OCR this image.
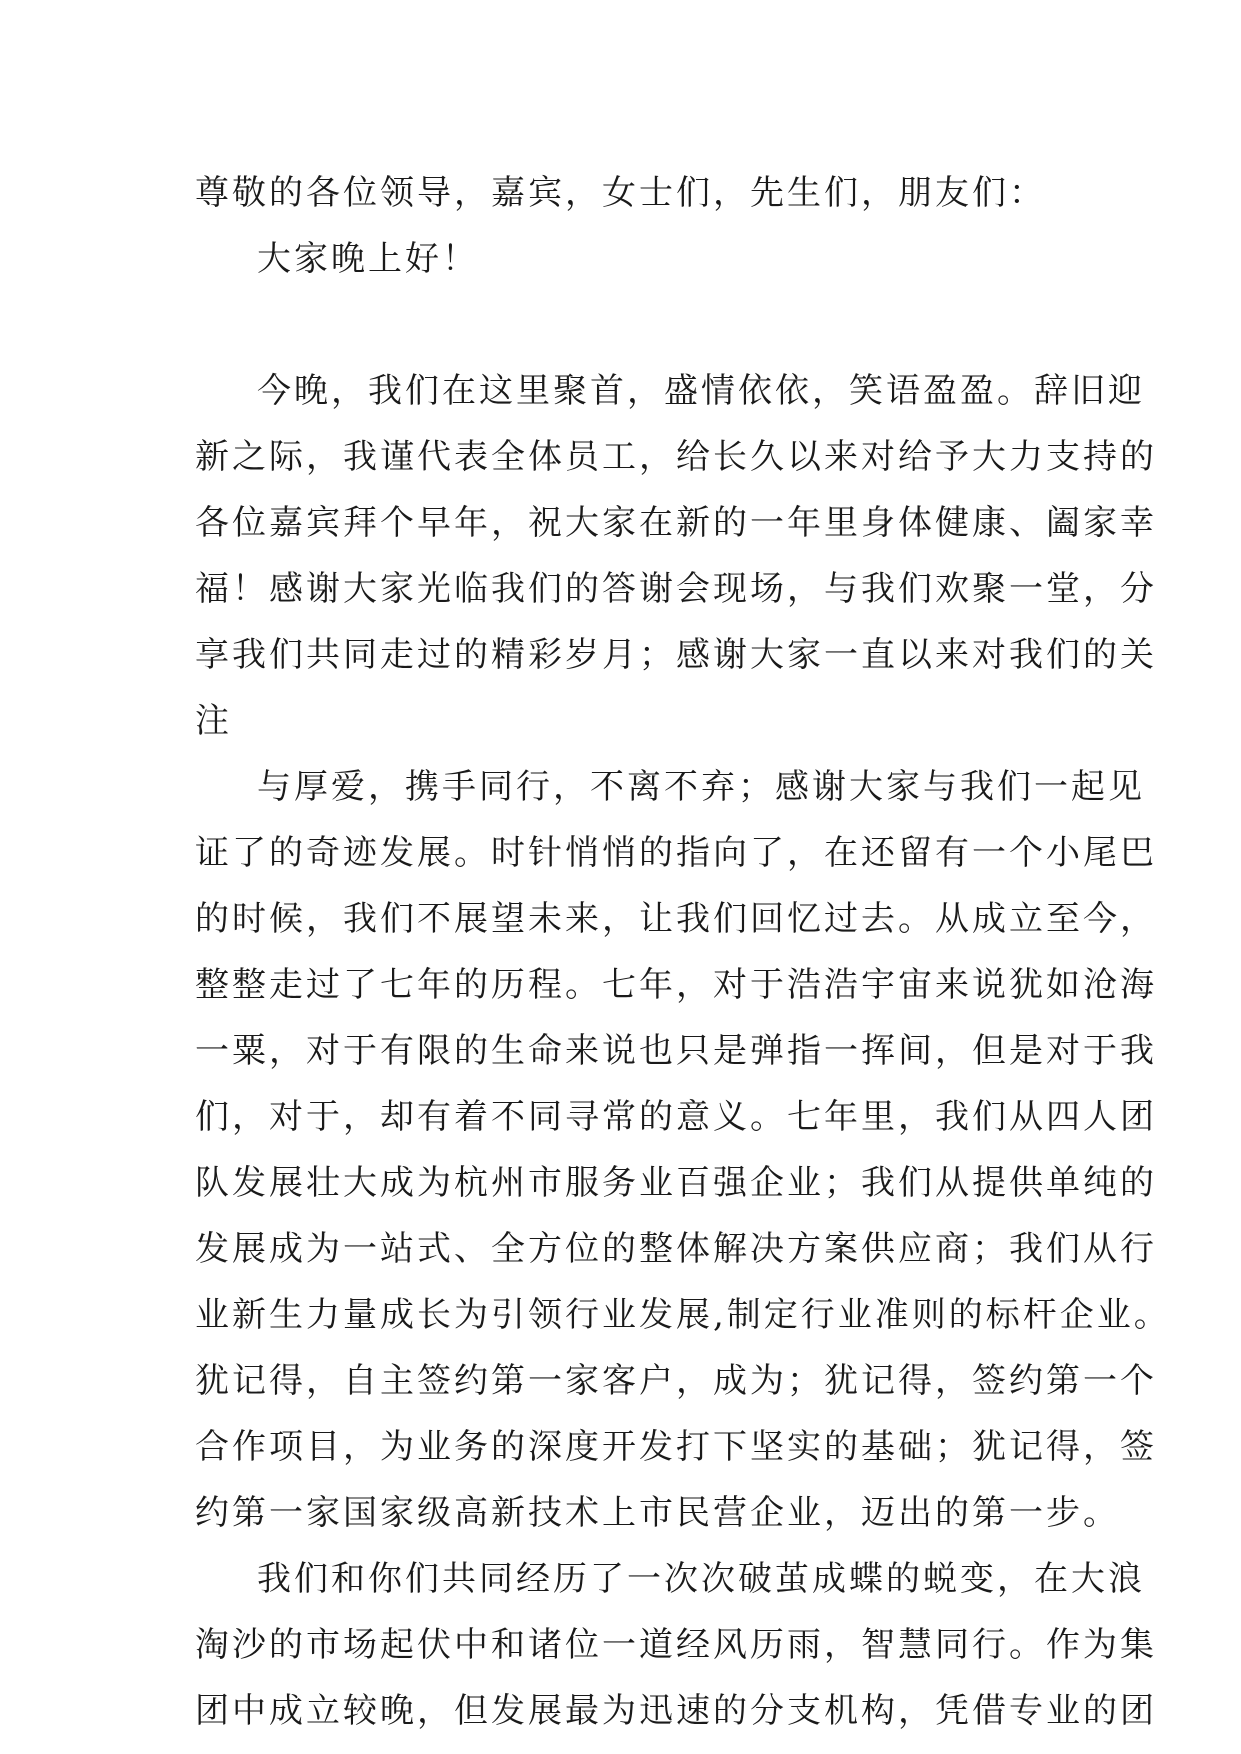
尊敬的各位领导，嘉宾，女士们，先生们，朋友们：
大家晚上好！
今晚，我们在这里聚首，盛情依依，笑语盈盈。辞旧迎
新之际，我谨代表全体员工，给长久以来对给予大力支持的
各位嘉宾拜个早年，祝大家在新的一年里身体健康、阖家幸
福！感谢大家光临我们的答谢会现场，与我们欢聚一堂，分
享我们共同走过的精彩岁月；感谢大家一直以来对我们的关
注
与厚爱，携手同行，不离不弃；感谢大家与我们一起见
证了的奇迹发展。时针悄悄的指向了，在还留有一个小尾巴
的时候，我们不展望未来，让我们回忆过去。从成立至今，
整整走过了七年的历程。七年，对于浩浩宇宙来说犹如沧海
一粟，对于有限的生命来说也只是弹指一挥间，但是对于我
们，对于，却有着不同寻常的意义。七年里，我们从四人团
队发展壮大成为杭州市服务业百强企业；我们从提供单纯的
发展成为一站式、全方位的整体解决方案供应商；我们从行
业新生力量成长为引领行业发展,制定行业准则的标杆企业。
犹记得，自主签约第一家客户，成为；犹记得，签约第一个
合作项目，为业务的深度开发打下坚实的基础；犹记得，签
约第一家国家级高新技术上市民营企业，迈出的第一步。
我们和你们共同经历了一次次破茧成蝶的蜕变，在大浪
淘沙的市场起伏中和诸位一道经风历雨，智慧同行。作为集
团中成立较晚，但发展最为迅速的分支机构，凭借专业的团
